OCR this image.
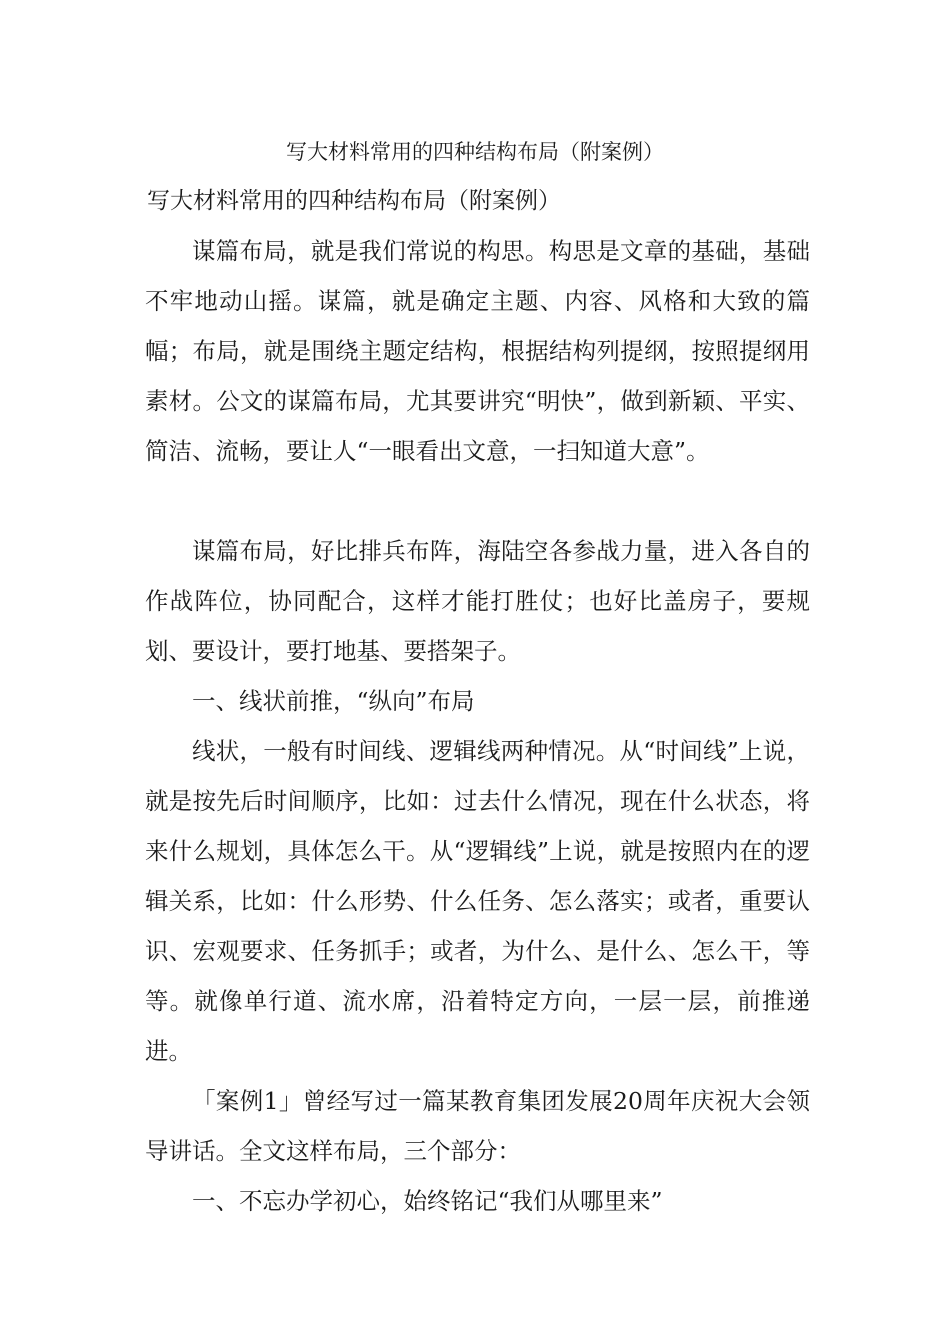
写大材料常用的四种结构布局（附案例）
写大材料常用的四种结构布局（附案例）

谋篇布局，就是我们常说的构思。构思是文章的基础，基础不牢地动山摇。谋篇，就是确定主题、内容、风格和大致的篇幅；布局，就是围绕主题定结构，根据结构列提纲，按照提纲用素材。公文的谋篇布局，尤其要讲究“明快”，做到新颖、平实、简洁、流畅，要让人“一眼看出文意，一扫知道大意”。

谋篇布局，好比排兵布阵，海陆空各参战力量，进入各自的作战阵位，协同配合，这样才能打胜仗；也好比盖房子，要规划、要设计，要打地基、要搭架子。

一、线状前推，“纵向”布局

线状，一般有时间线、逻辑线两种情况。从“时间线”上说，就是按先后时间顺序，比如：过去什么情况，现在什么状态，将来什么规划，具体怎么干。从“逻辑线”上说，就是按照内在的逻辑关系，比如：什么形势、什么任务、怎么落实；或者，重要认识、宏观要求、任务抓手；或者，为什么、是什么、怎么干，等等。就像单行道、流水席，沿着特定方向，一层一层，前推递进。

「案例1」曾经写过一篇某教育集团发展20周年庆祝大会领导讲话。全文这样布局，三个部分：

一、不忘办学初心，始终铭记“我们从哪里来”
